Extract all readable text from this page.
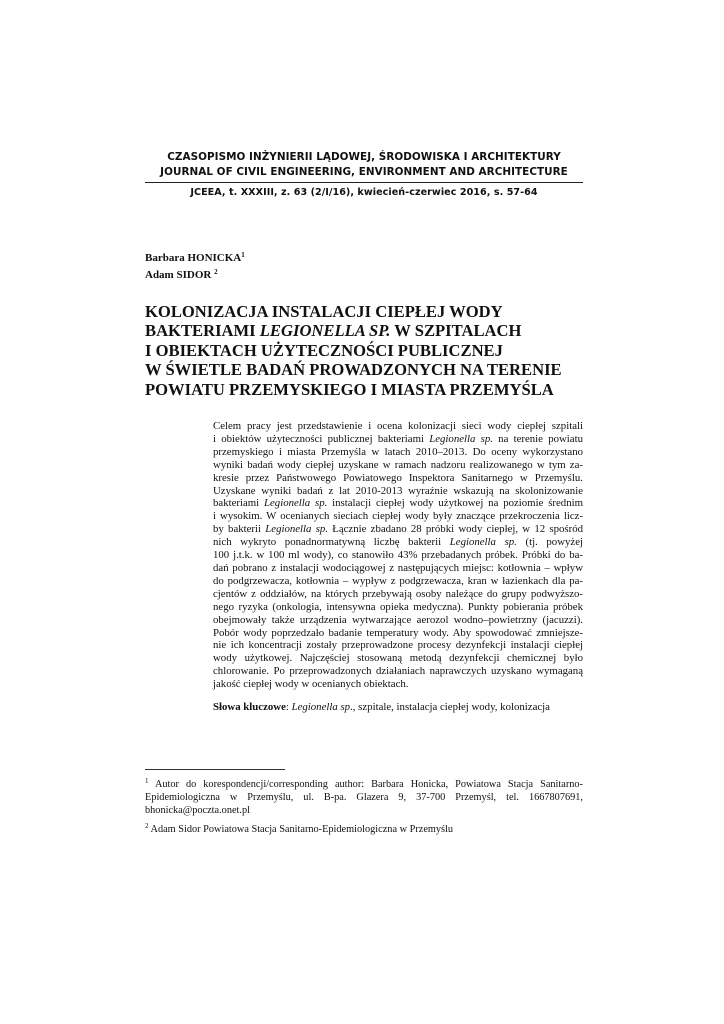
CZASOPISMO INŻYNIERII LĄDOWEJ, ŚRODOWISKA I ARCHITEKTURY
JOURNAL OF CIVIL ENGINEERING, ENVIRONMENT AND ARCHITECTURE
JCEEA, t. XXXIII, z. 63 (2/I/16), kwiecień-czerwiec 2016, s. 57-64
Barbara HONICKA$^1$
Adam SIDOR $^2$
KOLONIZACJA INSTALACJI CIEPŁEJ WODY
BAKTERIAMI LEGIONELLA SP. W SZPITALACH
I OBIEKTACH UŻYTECZNOŚCI PUBLICZNEJ
W ŚWIETLE BADAŃ PROWADZONYCH NA TERENIE
POWIATU PRZEMYSKIEGO I MIASTA PRZEMYŚLA

Celem pracy jest przedstawienie i ocena kolonizacji sieci wody ciepłej szpitali
i obiektów użyteczności publicznej bakteriami Legionella sp. na terenie powiatu
przemyskiego i miasta Przemyśla w latach 2010–2013. Do oceny wykorzystano
wyniki badań wody ciepłej uzyskane w ramach nadzoru realizowanego w tym za-
kresie przez Państwowego Powiatowego Inspektora Sanitarnego w Przemyślu.
Uzyskane wyniki badań z lat 2010-2013 wyraźnie wskazują na skolonizowanie
bakteriami Legionella sp. instalacji ciepłej wody użytkowej na poziomie średnim
i wysokim. W ocenianych sieciach ciepłej wody były znaczące przekroczenia licz-
by bakterii Legionella sp. Łącznie zbadano 28 próbki wody ciepłej, w 12 spośród
nich wykryto ponadnormatywną liczbę bakterii Legionella sp. (tj. powyżej
100 j.t.k. w 100 ml wody), co stanowiło 43% przebadanych próbek. Próbki do ba-
dań pobrano z instalacji wodociągowej z następujących miejsc: kotłownia – wpływ
do podgrzewacza, kotłownia – wypływ z podgrzewacza, kran w łazienkach dla pa-
cjentów z oddziałów, na których przebywają osoby należące do grupy podwyższo-
nego ryzyka (onkologia, intensywna opieka medyczna). Punkty pobierania próbek
obejmowały także urządzenia wytwarzające aerozol wodno–powietrzny (jacuzzi).
Pobór wody poprzedzało badanie temperatury wody. Aby spowodować zmniejsze-
nie ich koncentracji zostały przeprowadzone procesy dezynfekcji instalacji ciepłej
wody użytkowej. Najczęściej stosowaną metodą dezynfekcji chemicznej było
chlorowanie. Po przeprowadzonych działaniach naprawczych uzyskano wymaganą
jakość ciepłej wody w ocenianych obiektach.

Słowa kluczowe: Legionella sp., szpitale, instalacja ciepłej wody, kolonizacja

$^1$ Autor do korespondencji/corresponding author: Barbara Honicka, Powiatowa Stacja Sanitarno-
Epidemiologiczna w Przemyślu, ul. B-pa. Glazera 9, 37-700 Przemyśl, tel. 1667807691,
bhonicka@poczta.onet.pl
$^2$ Adam Sidor Powiatowa Stacja Sanitarno-Epidemiologiczna w Przemyślu
